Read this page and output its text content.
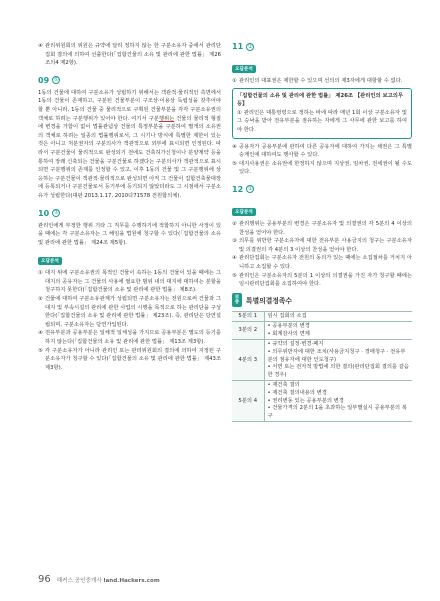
④ 관리위원회의 위원은 규약에 달리 정하지 않는 한 구분소유자 중에서 관리단집회 결의에 의하여 선출한다(「집합건물의 소유 및 관리에 관한 법률」 제26조의4 제2항).
09 ⑤
1동의 건물에 대하여 구분소유가 성립하기 위해서는 객관적·물리적인 측면에서 1동의 건물이 존재하고, 구분된 건물부분이 구조상·이용상 독립성을 갖추어야 할 뿐 아니라, 1동의 건물 중 물리적으로 구획된 건물부분을 각각 구분소유권의 객체로 하려는 구분행위가 있어야 한다. 여기서 구분행위는 건물의 물리적 형질에 변경을 가함이 없이 법률관념상 건물의 특정부분을 구분하여 별개의 소유권의 객체로 하려는 일종의 법률행위로서, 그 시기나 방식에 특별한 제한이 있는 것은 아니고 처분권자의 구분의사가 객관적으로 외부에 표시되면 인정된다. 따라서 구분건물이 물리적으로 완성되기 전에도 건축허가신청이나 분양계약 등을 통하여 장래 신축되는 건물을 구분건물로 하겠다는 구분의사가 객관적으로 표시되면 구분행위의 존재를 인정할 수 있고, 이후 1동의 건물 및 그 구분행위에 상응하는 구분건물이 객관적·물리적으로 완성되면 아직 그 건물이 집합건축물대장에 등록되거나 구분건물로서 등기부에 등기되지 않았더라도 그 시점에서 구분소유가 성립한다(대판 2013.1.17, 2010다71578 전원합의체).
10 ③
관리인에게 부정한 행위 기타 그 직무를 수행하기에 적합하지 아니한 사정이 있을 때에는 각 구분소유자는 그 해임을 법원에 청구할 수 있다(「집합건물의 소유 및 관리에 관한 법률」 제24조 제5항).
오답분석
① 대지 위에 구분소유권의 목적인 건물이 속하는 1동의 건물이 있을 때에는 그 대지의 공유자는 그 건물의 사용에 필요한 범위 내의 대지에 대하여는 분할을 청구하지 못한다(「집합건물의 소유 및 관리에 관한 법률」 제8조).
② 건물에 대하여 구분소유관계가 성립되면 구분소유자는 전원으로써 건물과 그 대지 및 부속시설의 관리에 관한 사업의 시행을 목적으로 하는 관리단을 구성한다(「집합건물의 소유 및 관리에 관한 법률」 제23조). 즉, 관리단은 당연설립되며, 구분소유자는 당연가입된다.
④ 전유부분과 공용부분은 일체적 일체성을 가지므로 공용부분은 별도의 등기를 하지 않는다(「집합건물의 소유 및 관리에 관한 법률」 제13조 제3항).
⑤ 각 구분소유자가 아니라 관리인 또는 관리위원회의 결의에 의하여 지정된 구분소유자가 청구할 수 있다(「집합건물의 소유 및 관리에 관한 법률」 제43조 제3항).
11 ②
오답분석
① 관리인의 대표권은 제한할 수 있으며 선의의 제3자에게 대항할 수 없다.
「집합건물의 소유 및 관리에 관한 법률」 제26조 【관리인의 보고의무 등】
① 관리인은 대통령령으로 정하는 바에 따라 매년 1회 이상 구분소유자 및 그 승낙을 받아 전유부분을 점유하는 자에게 그 사무에 관한 보고를 하여야 한다.
④ 공용자가 공용부분에 관하여 다른 공유자에 대하여 가지는 채권은 그 특별승계인에 대하여도 행사할 수 있다.
⑤ 대지사용권은 소유권에 한정하지 않으며 지상권, 임차권, 전세권이 될 수도 있다.
12 ①
오답분석
② 관리행위는 공용부분의 변경은 구분소유자 및 의결권의 각 5분의 4 이상의 찬성을 얻어야 한다.
③ 의무를 위반한 구분소유자에 대한 전유부분 사용금지의 청구는 구분소유자 및 의결권의 각 4분의 3 이상의 찬성을 얻어야 한다.
④ 관리단집회는 구분소유자 전원의 동의가 있는 때에는 소집절차를 거치지 아니하고 소집할 수 있다.
⑤ 관리인은 구분소유자의 5분의 1 이상의 의결권을 가진 자가 청구할 때에는 임시관리단집회를 소집하여야 한다.
보충 특별의결정족수
5분의 1	임시 집회의 소집

3분의 2	• 공용부분의 변경
• 회계감사의 면제

4분의 3	• 규약의 설정·변경·폐지
• 의무위반자에 대한 조치(사용금지청구 · 경매청구 · 전유부분의 점유자에 대한 인도청구)
• 서면 또는 전자적 방법에 의한 결의(관리단집회 결의를 갈음한 경우)

5분의 4	• 재건축 결의
• 재건축 결의내용의 변경
• 권리변동 있는 공용부분의 변경
• 건물가격의 2분의 1을 초과하는 일부멸실시 공용부분의 복구
96 해커스 공인중개사 land.Hackers.com
